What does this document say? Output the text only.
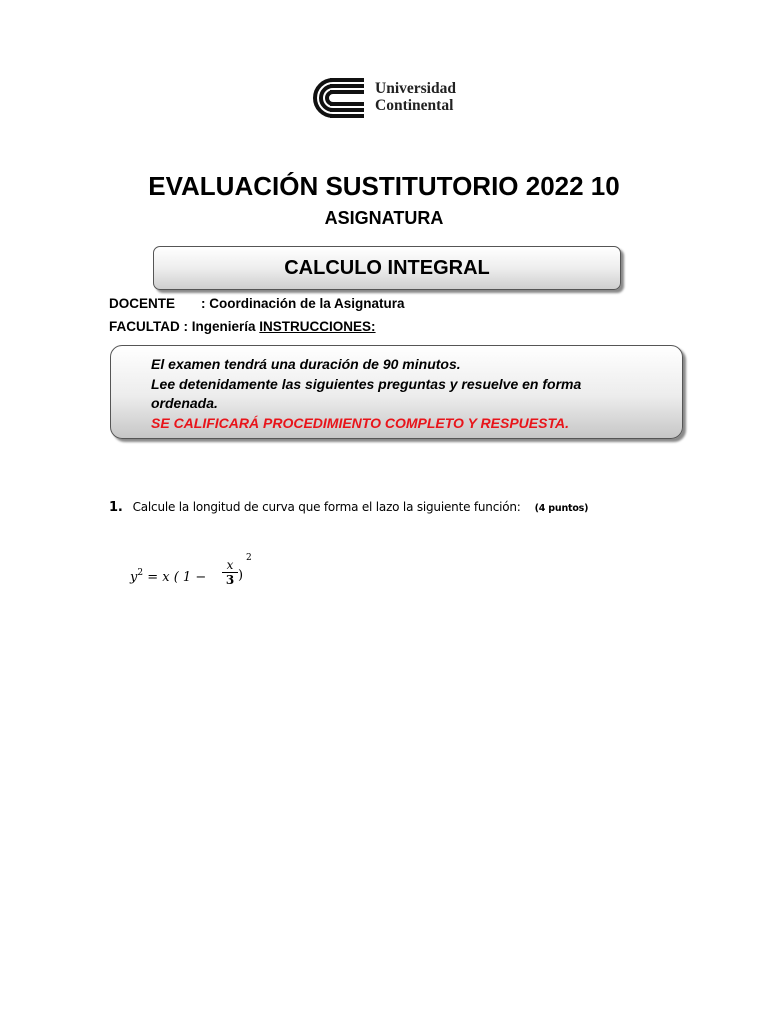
Universidad
Continental
EVALUACIÓN SUSTITUTORIO 2022 10
ASIGNATURA
CALCULO INTEGRAL
DOCENTE : Coordinación de la Asignatura
FACULTAD : Ingeniería INSTRUCCIONES:
El examen tendrá una duración de 90 minutos.
Lee detenidamente las siguientes preguntas y resuelve en forma
ordenada.
SE CALIFICARÁ PROCEDIMIENTO COMPLETO Y RESPUESTA.
1. Calcule la longitud de curva que forma el lazo la siguiente función: (4 puntos)
$y^2 = x$ ( $1 - \frac{x}{3}$ )
2
